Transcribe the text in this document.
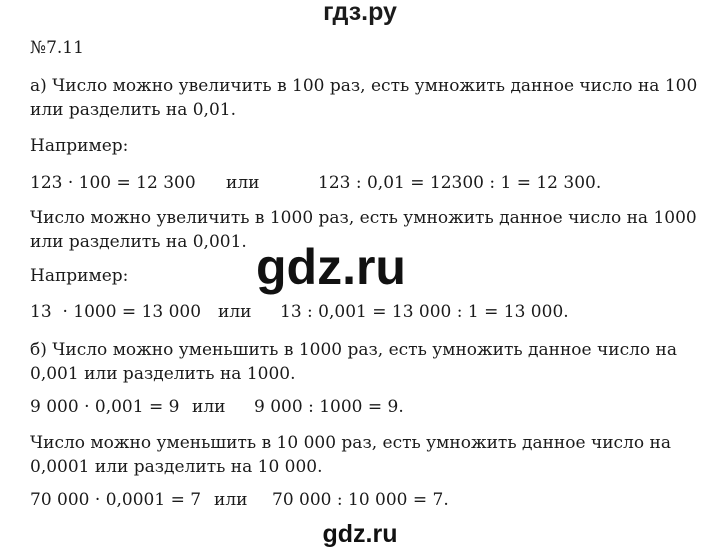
гдз.ру
№7.11
а) Число можно увеличить в 100 раз, есть умножить данное число на 100
или разделить на 0,01.
Например:
123 · 100 = 12 300 или	123 : 0,01 = 12300 : 1 = 12 300.
Число можно увеличить в 1000 раз, есть умножить данное число на 1000
или разделить на 0,001.
Например:
13  · 1000 = 13 000 или 13 : 0,001 = 13 000 : 1 = 13 000.
б) Число можно уменьшить в 1000 раз, есть умножить данное число на
0,001 или разделить на 1000.
9 000 · 0,001 = 9 или 9 000 : 1000 = 9.
Число можно уменьшить в 10 000 раз, есть умножить данное число на
0,0001 или разделить на 10 000.
70 000 · 0,0001 = 7 или 70 000 : 10 000 = 7.
gdz.ru
gdz.ru
